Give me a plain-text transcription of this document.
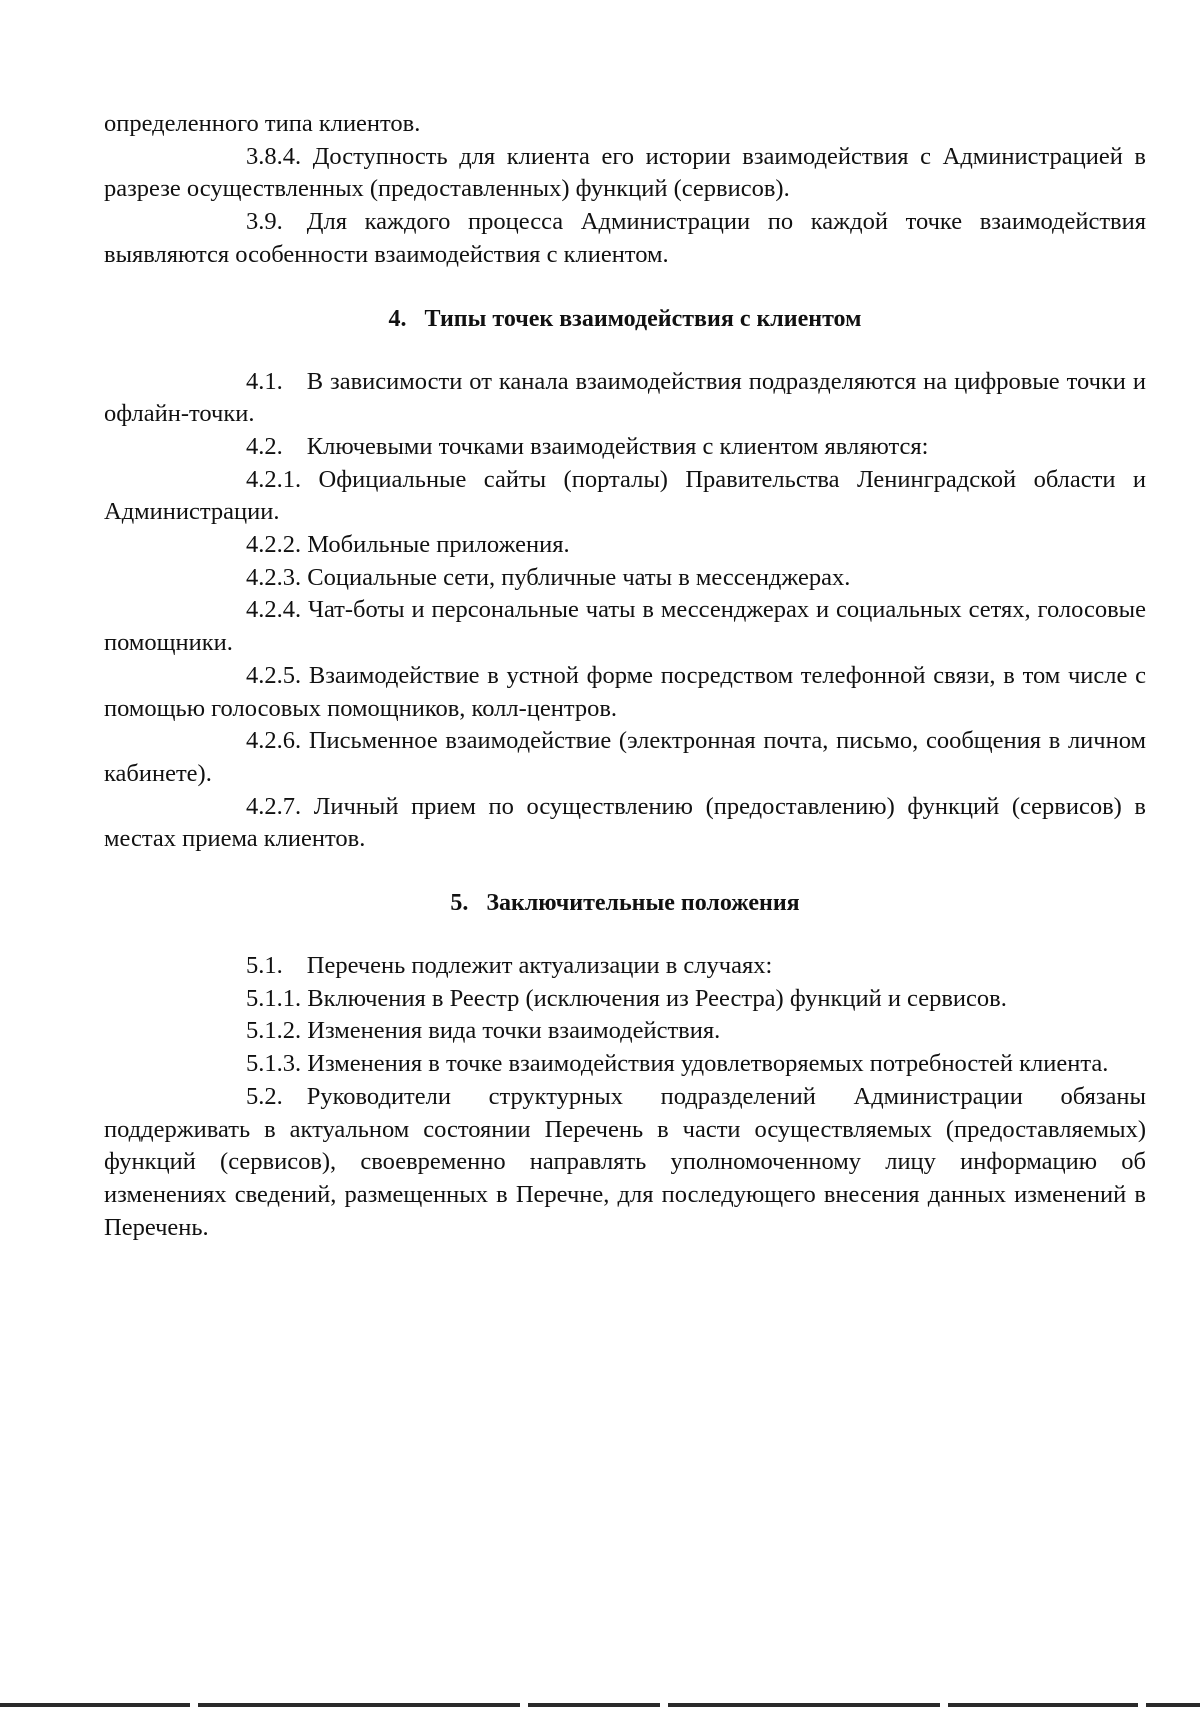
определенного типа клиентов.

3.8.4. Доступность для клиента его истории взаимодействия с Администрацией в разрезе осуществленных (предоставленных) функций (сервисов).

3.9. Для каждого процесса Администрации по каждой точке взаимодействия выявляются особенности взаимодействия с клиентом.

4. Типы точек взаимодействия с клиентом

4.1. В зависимости от канала взаимодействия подразделяются на цифровые точки и офлайн-точки.

4.2. Ключевыми точками взаимодействия с клиентом являются:

4.2.1. Официальные сайты (порталы) Правительства Ленинградской области и Администрации.

4.2.2. Мобильные приложения.

4.2.3. Социальные сети, публичные чаты в мессенджерах.

4.2.4. Чат-боты и персональные чаты в мессенджерах и социальных сетях, голосовые помощники.

4.2.5. Взаимодействие в устной форме посредством телефонной связи, в том числе с помощью голосовых помощников, колл-центров.

4.2.6. Письменное взаимодействие (электронная почта, письмо, сообщения в личном кабинете).

4.2.7. Личный прием по осуществлению (предоставлению) функций (сервисов) в местах приема клиентов.

5. Заключительные положения

5.1. Перечень подлежит актуализации в случаях:

5.1.1. Включения в Реестр (исключения из Реестра) функций и сервисов.

5.1.2. Изменения вида точки взаимодействия.

5.1.3. Изменения в точке взаимодействия удовлетворяемых потребностей клиента.

5.2. Руководители структурных подразделений Администрации обязаны поддерживать в актуальном состоянии Перечень в части осуществляемых (предоставляемых) функций (сервисов), своевременно направлять уполномоченному лицу информацию об изменениях сведений, размещенных в Перечне, для последующего внесения данных изменений в Перечень.
